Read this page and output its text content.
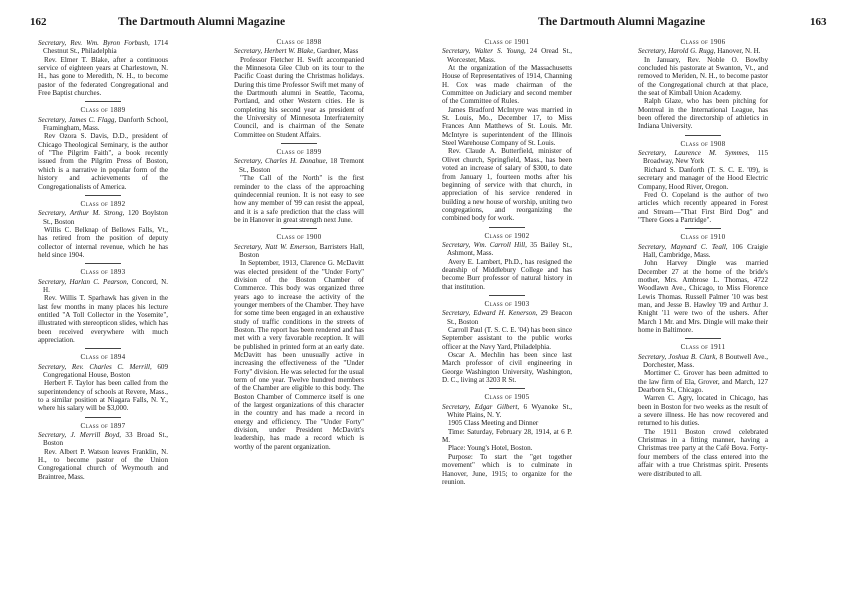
162	The Dartmouth Alumni Magazine
Secretary, Rev. Wm. Byron Forbush, 1714 Chestnut St., Philadelphia

Rev. Elmer T. Blake, after a continuous service of eighteen years at Charlestown, N. H., has gone to Meredith, N. H., to become pastor of the federated Congregational and Free Baptist churches.

Class of 1889
Secretary, James C. Flagg, Danforth School, Framingham, Mass.

Rev Ozora S. Davis, D.D., president of Chicago Theological Seminary, is the author of "The Pilgrim Faith", a book recently issued from the Pilgrim Press of Boston, which is a narrative in popular form of the history and achievements of the Congregationalists of America.

Class of 1892
Secretary, Arthur M. Strong, 120 Boylston St., Boston

Willis C. Belknap of Bellows Falls, Vt., has retired from the position of deputy collector of internal revenue, which he has held since 1904.

Class of 1893
Secretary, Harlan C. Pearson, Concord, N. H.

Rev. Willis T. Sparhawk has given in the last few months in many places his lecture entitled "A Toll Collector in the Yosemite", illustrated with stereopticon slides, which has been received everywhere with much appreciation.

Class of 1894
Secretary, Rev. Charles C. Merrill, 609 Congregational House, Boston

Herbert F. Taylor has been called from the superintendency of schools at Revere, Mass., to a similar position at Niagara Falls, N. Y., where his salary will be $3,000.

Class of 1897
Secretary, J. Merrill Boyd, 33 Broad St., Boston

Rev. Albert P. Watson leaves Franklin, N. H., to become pastor of the Union Congregational church of Weymouth and Braintree, Mass.

Class of 1898
Secretary, Herbert W. Blake, Gardner, Mass

Professor Fletcher H. Swift accompanied the Minnesota Glee Club on its tour to the Pacific Coast during the Christmas holidays. During this time Professor Swift met many of the Dartmouth alumni in Seattle, Tacoma, Portland, and other Western cities. He is completing his second year as president of the University of Minnesota Interfraternity Council, and is chairman of the Senate Committee on Student Affairs.

Class of 1899
Secretary, Charles H. Donahue, 18 Tremont St., Boston

"The Call of the North" is the first reminder to the class of the approaching quindecennial reunion. It is not easy to see how any member of '99 can resist the appeal, and it is a safe prediction that the class will be in Hanover in great strength next June.

Class of 1900
Secretary, Natt W. Emerson, Barristers Hall, Boston

In September, 1913, Clarence G. McDavitt was elected president of the "Under Forty" division of the Boston Chamber of Commerce. This body was organized three years ago to increase the activity of the younger members of the Chamber. They have for some time been engaged in an exhaustive study of traffic conditions in the streets of Boston. The report has been rendered and has met with a very favorable reception. It will be published in printed form at an early date. McDavitt has been unusually active in increasing the effectiveness of the "Under Forty" division. He was selected for the usual term of one year. Twelve hundred members of the Chamber are eligible to this body. The Boston Chamber of Commerce itself is one of the largest organizations of this character in the country and has made a record in energy and efficiency. The "Under Forty" division, under President McDavitt's leadership, has made a record which is worthy of the parent organization.

The Dartmouth Alumni Magazine	163
Class of 1901
Secretary, Walter S. Young, 24 Oread St., Worcester, Mass.

At the organization of the Massachusetts House of Representatives of 1914, Channing H. Cox was made chairman of the Committee on Judiciary and second member of the Committee of Rules.

James Bradford McIntyre was married in St. Louis, Mo., December 17, to Miss Frances Ann Matthews of St. Louis. Mr. McIntyre is superintendent of the Illinois Steel Warehouse Company of St. Louis.

Rev. Claude A. Butterfield, minister of Olivet church, Springfield, Mass., has been voted an increase of salary of $300, to date from January 1, fourteen moths after his beginning of service with that church, in appreciation of his service rendered in building a new house of worship, uniting two congregations, and reorganizing the combined body for work.

Class of 1902
Secretary, Wm. Carroll Hill, 35 Bailey St., Ashmont, Mass.

Avery E. Lambert, Ph.D., has resigned the deanship of Middlebury College and has become Burr professor of natural history in that institution.

Class of 1903
Secretary, Edward H. Kenerson, 29 Beacon St., Boston

Carroll Paul (T. S. C. E. '04) has been since September assistant to the public works officer at the Navy Yard, Philadelphia.

Oscar A. Mechlin has been since last March professor of civil engineering in George Washington University, Washington, D. C., living at 3203 R St.

Class of 1905
Secretary, Edgar Gilbert, 6 Wyanoke St., White Plains, N. Y.

1905 Class Meeting and Dinner

Time: Saturday, February 28, 1914, at 6 P. M.

Place: Young's Hotel, Boston.

Purpose: To start the "get together movement" which is to culminate in Hanover, June, 1915; to organize for the reunion.

Class of 1906
Secretary, Harold G. Rugg, Hanover, N. H.

In January, Rev. Noble O. Bowlby concluded his pastorate at Swanton, Vt., and removed to Meriden, N. H., to become pastor of the Congregational church at that place, the seat of Kimball Union Academy.

Ralph Glaze, who has been pitching for Montreal in the International League, has been offered the directorship of athletics in Indiana University.

Class of 1908
Secretary, Laurence M. Symmes, 115 Broadway, New York

Richard S. Danforth (T. S. C. E. '09), is secretary and manager of the Hood Electric Company, Hood River, Oregon.

Fred O. Copeland is the author of two articles which recently appeared in Forest and Stream—"That First Bird Dog" and "There Goes a Partridge".

Class of 1910
Secretary, Maynard C. Teall, 106 Craigie Hall, Cambridge, Mass.

John Harvey Dingle was married December 27 at the home of the bride's mother, Mrs. Ambrose L. Thomas, 4722 Woodlawn Ave., Chicago, to Miss Florence Lewis Thomas. Russell Palmer '10 was best man, and Jesse B. Hawley '09 and Arthur J. Knight '11 were two of the ushers. After March 1 Mr. and Mrs. Dingle will make their home in Baltimore.

Class of 1911
Secretary, Joshua B. Clark, 8 Boutwell Ave., Dorchester, Mass.

Mortimer C. Grover has been admitted to the law firm of Ela, Grover, and March, 127 Dearborn St., Chicago.

Warren C. Agry, located in Chicago, has been in Boston for two weeks as the result of a severe illness. He has now recovered and returned to his duties.

The 1911 Boston crowd celebrated Christmas in a fitting manner, having a Christmas tree party at the Café Bova. Forty-four members of the class entered into the affair with a true Christmas spirit. Presents were distributed to all.
